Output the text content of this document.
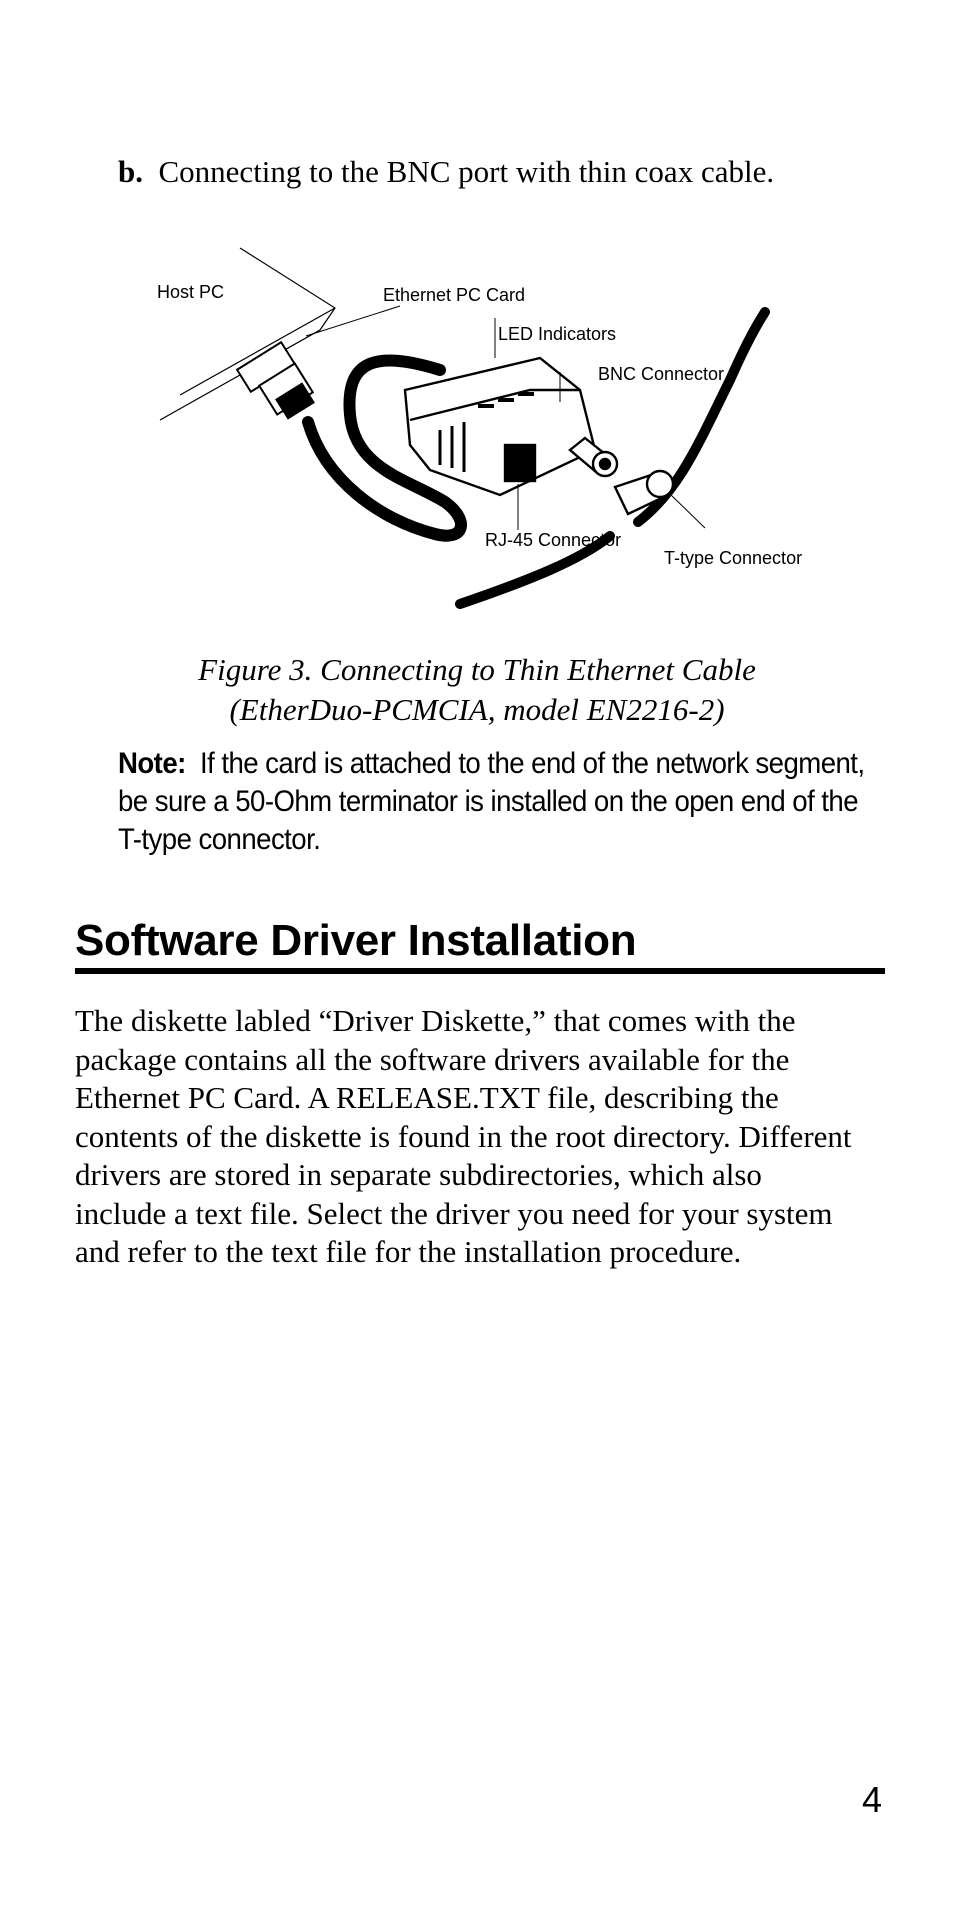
b. Connecting to the BNC port with thin coax cable.
Host PC	Ethernet PC Card
LED Indicators
BNC Connector
RJ-45 Connector
T-type Connector
Figure 3. Connecting to Thin Ethernet Cable
(EtherDuo-PCMCIA, model EN2216-2)
Note: If the card is attached to the end of the network segment,
be sure a 50-Ohm terminator is installed on the open end of the
T-type connector.
Software Driver Installation
The diskette labled “Driver Diskette,” that comes with the
package contains all the software drivers available for the
Ethernet PC Card. A RELEASE.TXT file, describing the
contents of the diskette is found in the root directory. Different
drivers are stored in separate subdirectories, which also
include a text file. Select the driver you need for your system
and refer to the text file for the installation procedure.
4
